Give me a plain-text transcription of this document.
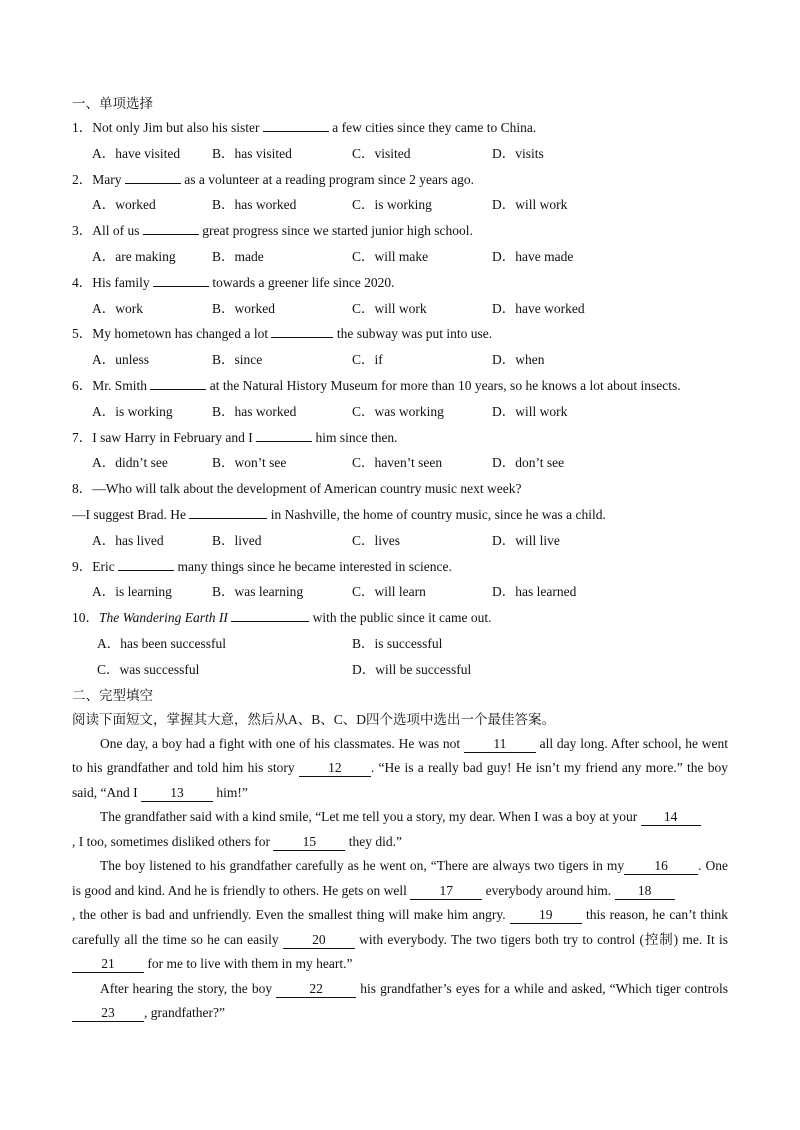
一、单项选择
1．Not only Jim but also his sister	a few cities since they came to China.
A．have visited	B．has visited	C．visited	D．visits
2．Mary	as a volunteer at a reading program since 2 years ago.
A．worked	B．has worked	C．is working	D．will work
3．All of us	great progress since we started junior high school.
A．are making	B．made	C．will make	D．have made
4．His family	towards a greener life since 2020.
A．work	B．worked	C．will work	D．have worked
5．My hometown has changed a lot	the subway was put into use.
A．unless	B．since	C．if	D．when
6．Mr. Smith	at the Natural History Museum for more than 10 years, so he knows a lot about insects.
A．is working	B．has worked	C．was working	D．will work
7．I saw Harry in February and I	him since then.
A．didn’t see	B．won’t see	C．haven’t seen	D．don’t see
8．—Who will talk about the development of American country music next week?
—I suggest Brad. He	in Nashville, the home of country music, since he was a child.
A．has lived	B．lived	C．lives	D．will live
9．Eric	many things since he became interested in science.
A．is learning	B．was learning	C．will learn	D．has learned
10．The Wandering Earth II	with the public since it came out.
A．has been successful	B．is successful
C．was successful	D．will be successful
二、完型填空
阅读下面短文，掌握其大意，然后从A、B、C、D四个选项中选出一个最佳答案。
One day, a boy had a fight with one of his classmates. He was not 11 all day long. After school, he went to his grandfather and told him his story 12 . “He is a really bad guy! He isn’t my friend any more.” the boy said, “And I 13 him!”
The grandfather said with a kind smile, “Let me tell you a story, my dear. When I was a boy at your 14
, I too, sometimes disliked others for 15 they did.”
The boy listened to his grandfather carefully as he went on, “There are always two tigers in my 16 . One is good and kind. And he is friendly to others. He gets on well 17 everybody around him. 18
, the other is bad and unfriendly. Even the smallest thing will make him angry. 19 this reason, he can’t think carefully all the time so he can easily 20 with everybody. The two tigers both try to control (控制) me. It is 21 for me to live with them in my heart.”
After hearing the story, the boy	22	his grandfather’s eyes for a while and asked, “Which tiger controls 23 , grandfather?”
